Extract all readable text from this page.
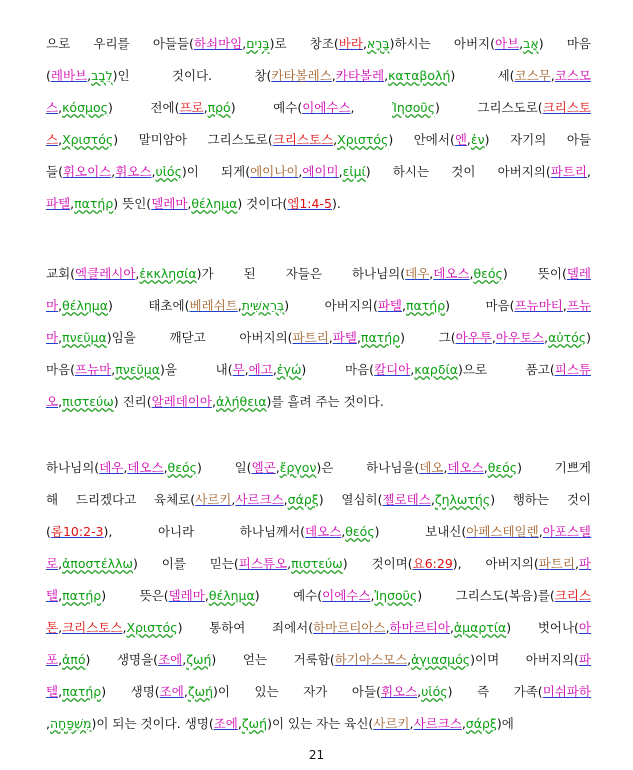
으로 우리를 아들들(하쇠마임,בָּנִים)로 창조(바라,בָּרָא)하시는 아버지(아브,אָב) 마음
(레바브,לֵבָב)인 것이다. 창(카타볼레스,카타볼레,καταβολή) 세(코스무,코스모
스,κόσμος) 전에(프로,πρό) 예수(이에수스, Ἰησοῦς) 그리스도로(크리스토
스,Χριστός) 말미암아 그리스도로(크리스토스,Χριστός) 안에서(엔,ἐν) 자기의 아들
들(휘오이스,휘오스,υἱός)이 되게(에이나이,에이미,εἰμί) 하시는 것이 아버지의(파트리,
파텔,πατήρ) 뜻인(델레마,θέλημα) 것이다(엡1:4-5).
교회(엑클레시아,ἐκκλησία)가 된 자들은 하나님의(데우,데오스,θεός) 뜻이(델레
마,θέλημα) 태초에(베레쉬트,בְּרֵאשִׁית) 아버지의(파텔,πατήρ) 마음(프뉴마티,프뉴
마,πνεῦμα)임을 깨닫고 아버지의(파트리,파텔,πατήρ) 그(아우투,아우토스,αὐτός)
마음(프뉴마,πνεῦμα)을 내(무,에고,ἐγώ) 마음(칼디아,καρδία)으로 품고(피스튜
오,πιστεύω) 진리(알레데이아,ἀλήθεια)를 흘려 주는 것이다.
하나님의(데우,데오스,θεός) 일(엘곤,ἔργον)은 하나님을(데오,데오스,θεός) 기쁘게
해 드리겠다고 육체로(사르키,사르크스,σάρξ) 열심히(젤로테스,ζηλωτής) 행하는 것이
(롬10:2-3), 아니라 하나님께서(데오스,θεός) 보내신(아페스테일렌,아포스텔
로,ἀποστέλλω) 이를 믿는(피스튜오,πιστεύω) 것이며(요6:29), 아버지의(파트리,파
텔,πατήρ) 뜻은(델레마,θέλημα) 예수(이에수스,Ἰησοῦς) 그리스도(복음)를(크리스
톤,크리스토스,Χριστός) 통하여 죄에서(하마르티아스,하마르티아,ἁμαρτία) 벗어나(아
포,ἀπό) 생명을(조에,ζωή) 얻는 거룩함(하기아스모스,ἁγιασμός)이며 아버지의(파
텔,πατήρ) 생명(조에,ζωή)이 있는 자가 아들(휘오스,υἱός) 즉 가족(미쉬파하
,מִשְׁפָּחָה)이 되는 것이다. 생명(조에,ζωή)이 있는 자는 육신(사르키,사르크스,σάρξ)에
21
